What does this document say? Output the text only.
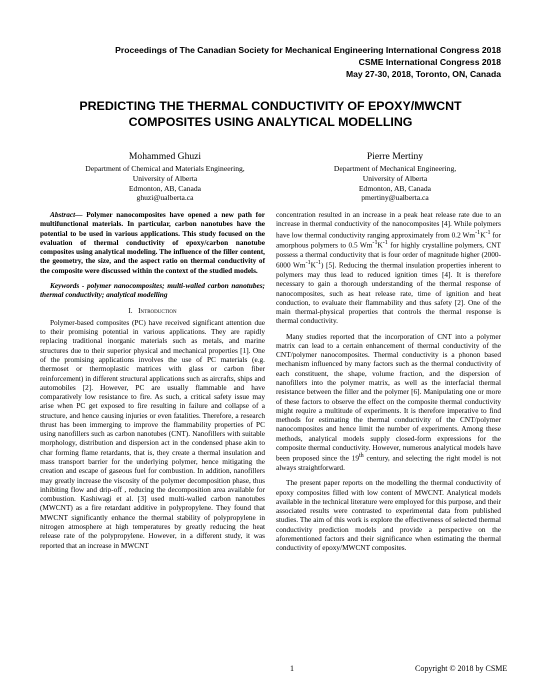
Proceedings of The Canadian Society for Mechanical Engineering International Congress 2018
CSME International Congress 2018
May 27-30, 2018, Toronto, ON, Canada
PREDICTING THE THERMAL CONDUCTIVITY OF EPOXY/MWCNT
COMPOSITES USING ANALYTICAL MODELLING
Mohammed Ghuzi
Department of Chemical and Materials Engineering,
University of Alberta
Edmonton, AB, Canada
ghuzi@ualberta.ca
Pierre Mertiny
Department of Mechanical Engineering,
University of Alberta
Edmonton, AB, Canada
pmertiny@ualberta.ca

Abstract— Polymer nanocomposites have opened a new path for multifunctional materials. In particular, carbon nanotubes have the potential to be used in various applications. This study focused on the evaluation of thermal conductivity of epoxy/carbon nanotube composites using analytical modeling. The influence of the filler content, the geometry, the size, and the aspect ratio on thermal conductivity of the composite were discussed within the context of the studied models.

Keywords - polymer nanocomposites; multi-walled carbon nanotubes; thermal conductivity; analytical modelling

I. Introduction

Polymer-based composites (PC) have received significant attention due to their promising potential in various applications. They are rapidly replacing traditional inorganic materials such as metals, and marine structures due to their superior physical and mechanical properties [1]. One of the promising applications involves the use of PC materials (e.g. thermoset or thermoplastic matrices with glass or carbon fiber reinforcement) in different structural applications such as aircrafts, ships and automobiles [2]. However, PC are usually flammable and have comparatively low resistance to fire. As such, a critical safety issue may arise when PC get exposed to fire resulting in failure and collapse of a structure, and hence causing injuries or even fatalities. Therefore, a research thrust has been immerging to improve the flammability properties of PC using nanofillers such as carbon nanotubes (CNT). Nanofillers with suitable morphology, distribution and dispersion act in the condensed phase akin to char forming flame retardants, that is, they create a thermal insulation and mass transport barrier for the underlying polymer, hence mitigating the creation and escape of gaseous fuel for combustion. In addition, nanofillers may greatly increase the viscosity of the polymer decomposition phase, thus inhibiting flow and drip-off , reducing the decomposition area available for combustion. Kashiwagi et al. [3] used multi-walled carbon nanotubes (MWCNT) as a fire retardant additive in polypropylene. They found that MWCNT significantly enhance the thermal stability of polypropylene in nitrogen atmosphere at high temperatures by greatly reducing the heat release rate of the polypropylene. However, in a different study, it was reported that an increase in MWCNT

concentration resulted in an increase in a peak heat release rate due to an increase in thermal conductivity of the nanocomposites [4]. While polymers have low thermal conductivity ranging approximately from 0.2 $Wm^{-1}K^{-1}$ for amorphous polymers to 0.5 $Wm^{-1}K^{-1}$ for highly crystalline polymers, CNT possess a thermal conductivity that is four order of magnitude higher (2000-6000 $Wm^{-1}K^{-1}$) [5]. Reducing the thermal insulation properties inherent to polymers may thus lead to reduced ignition times [4]. It is therefore necessary to gain a thorough understanding of the thermal response of nanocomposites, such as heat release rate, time of ignition and heat conduction, to evaluate their flammability and thus safety [2]. One of the main thermal-physical properties that controls the thermal response is thermal conductivity.

Many studies reported that the incorporation of CNT into a polymer matrix can lead to a certain enhancement of thermal conductivity of the CNT/polymer nanocomposites. Thermal conductivity is a phonon based mechanism influenced by many factors such as the thermal conductivity of each constituent, the shape, volume fraction, and the dispersion of nanofillers into the polymer matrix, as well as the interfacial thermal resistance between the filler and the polymer [6]. Manipulating one or more of these factors to observe the effect on the composite thermal conductivity might require a multitude of experiments. It is therefore imperative to find methods for estimating the thermal conductivity of the CNT/polymer nanocomposites and hence limit the number of experiments. Among these methods, analytical models supply closed-form expressions for the composite thermal conductivity. However, numerous analytical models have been proposed since the 19th century, and selecting the right model is not always straightforward.

The present paper reports on the modelling the thermal conductivity of epoxy composites filled with low content of MWCNT. Analytical models available in the technical literature were employed for this purpose, and their associated results were contrasted to experimental data from published studies. The aim of this work is explore the effectiveness of selected thermal conductivity prediction models and provide a perspective on the aforementioned factors and their significance when estimating the thermal conductivity of epoxy/MWCNT composites.

1	Copyright © 2018 by CSME
